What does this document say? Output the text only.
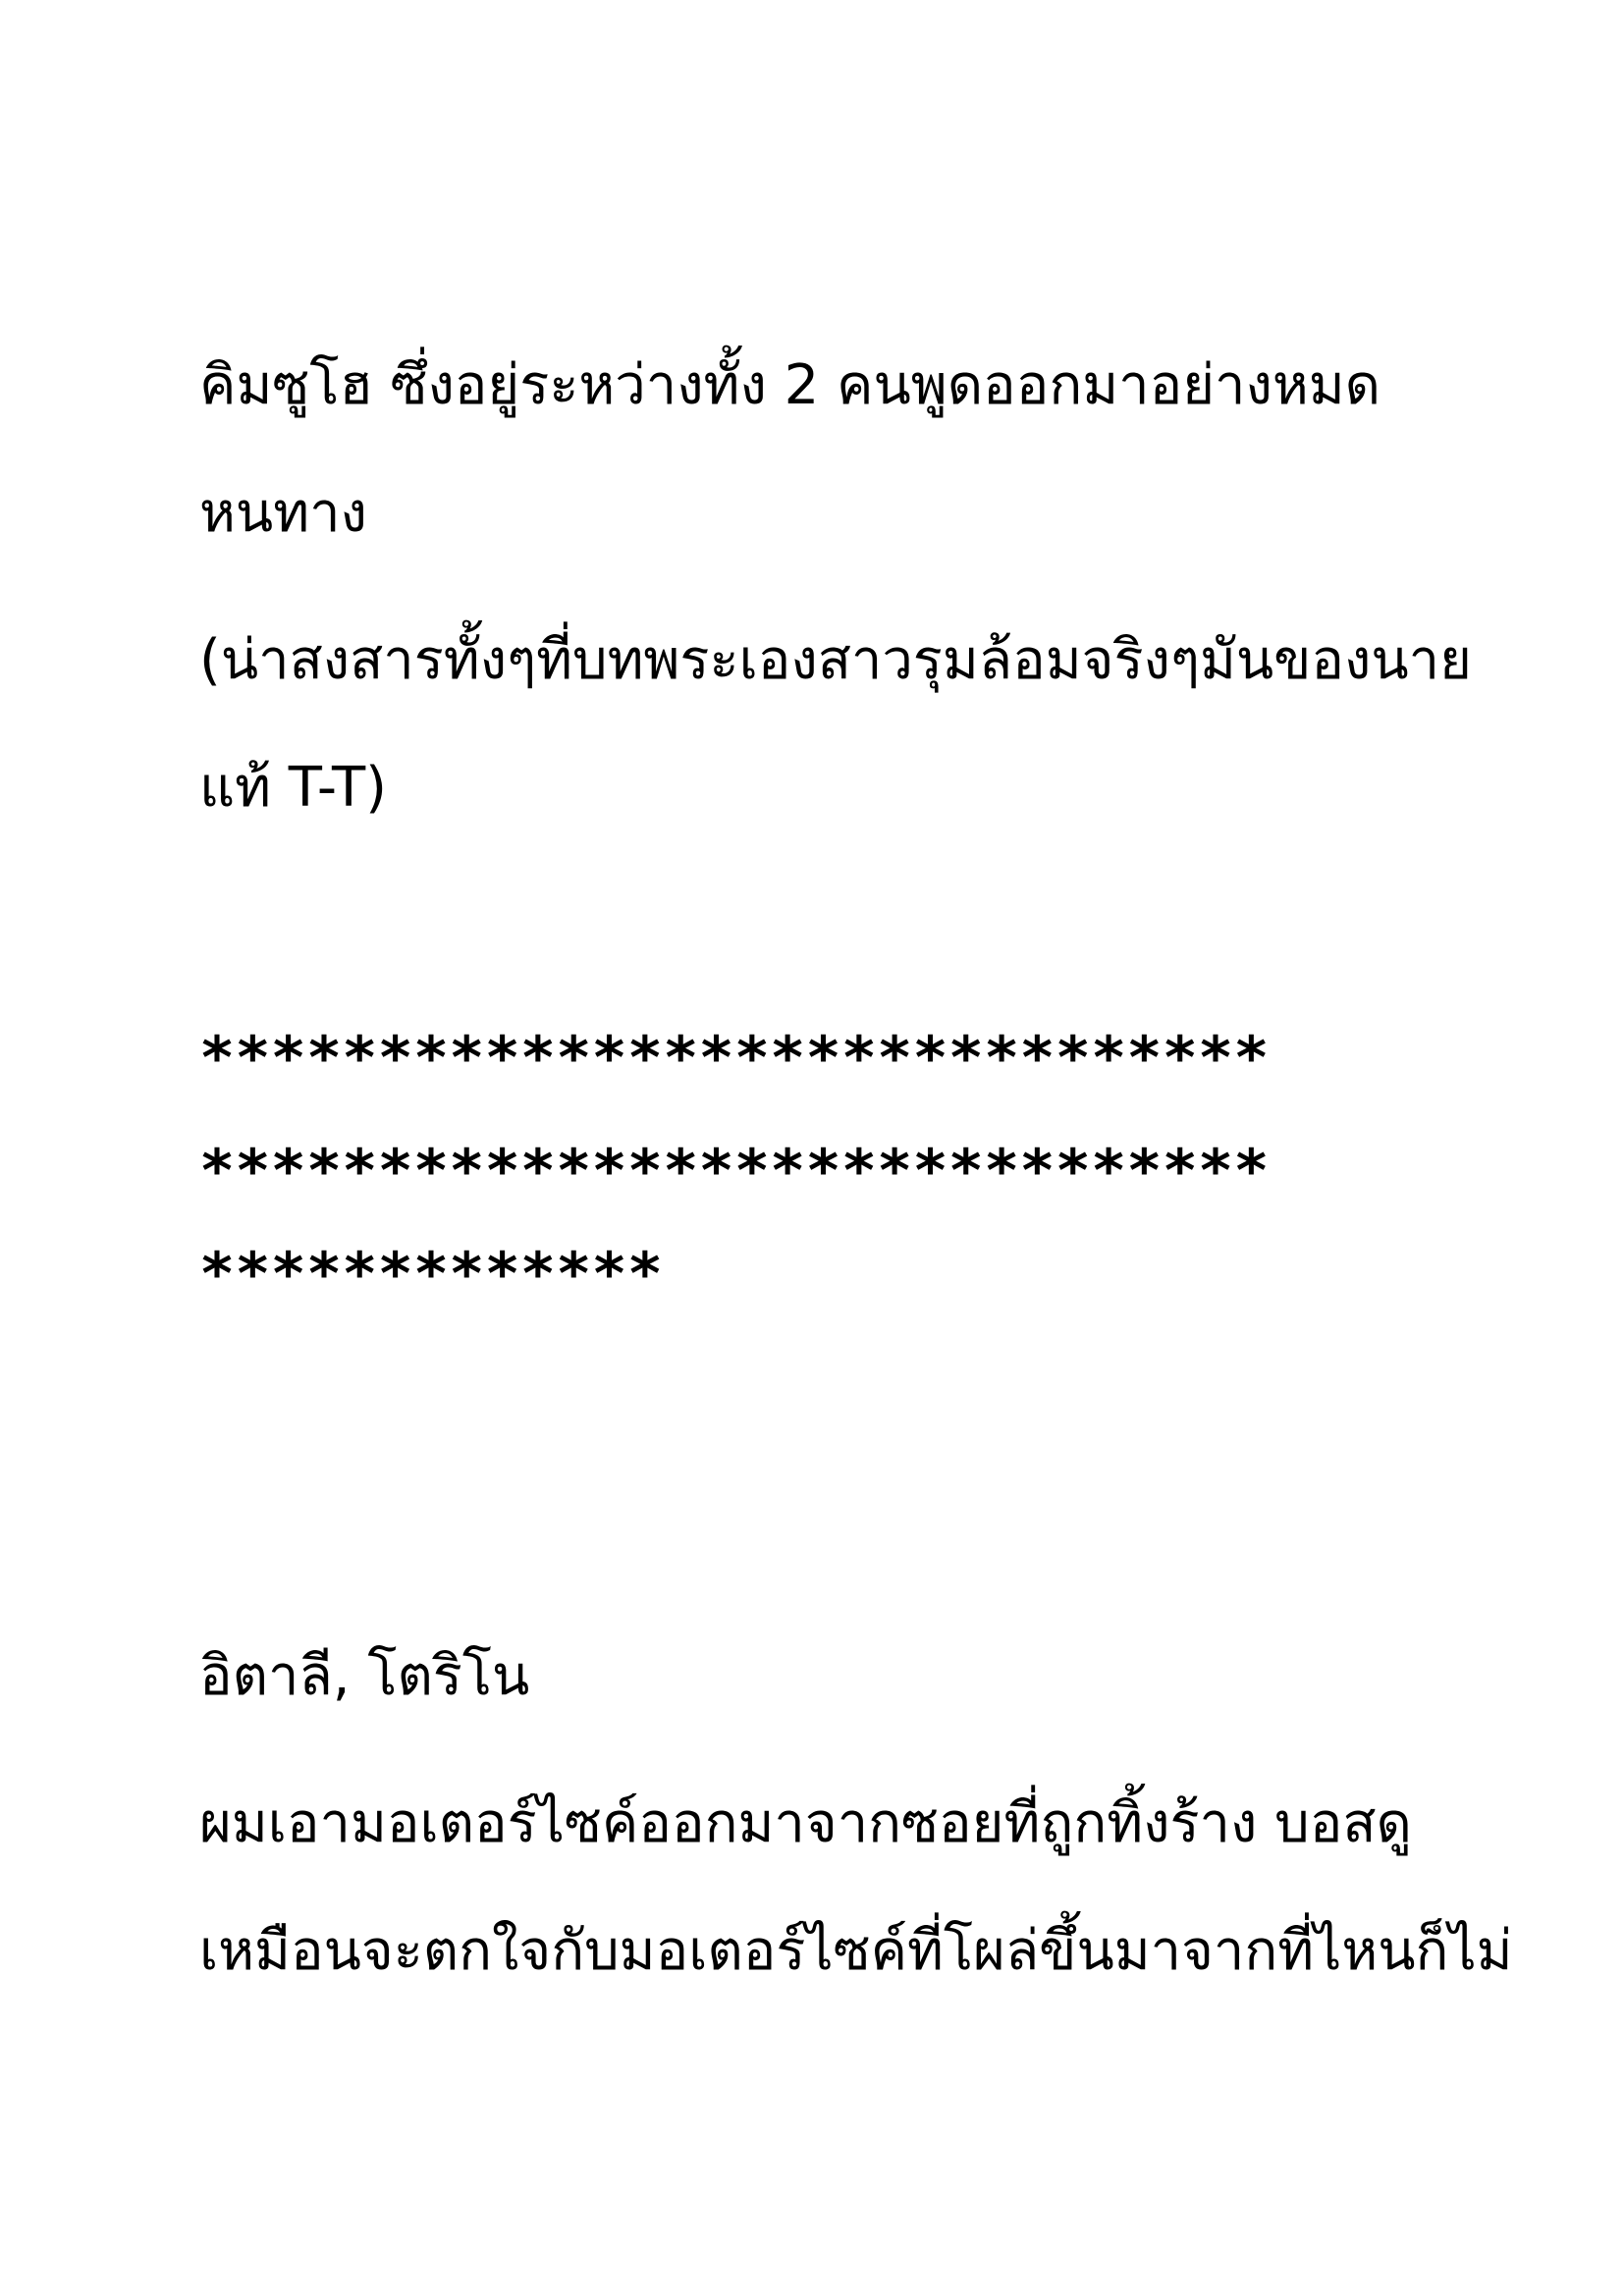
คิมซูโฮ ซึ่งอยู่ระหว่างทั้ง 2 คนพูดออกมาอย่างหมด
หนทาง
(น่าสงสารทั้งๆที่บทพระเองสาวรุมล้อมจริงๆมันของนาย
แท้ T-T)
******************************
******************************
*************
อิตาลี, โตริโน
ผมเอามอเตอร์ไซค์ออกมาจากซอยที่ถูกทิ้งร้าง บอสดู
เหมือนจะตกใจกับมอเตอร์ไซค์ที่โผล่ขึ้นมาจากที่ไหนก็ไม่
